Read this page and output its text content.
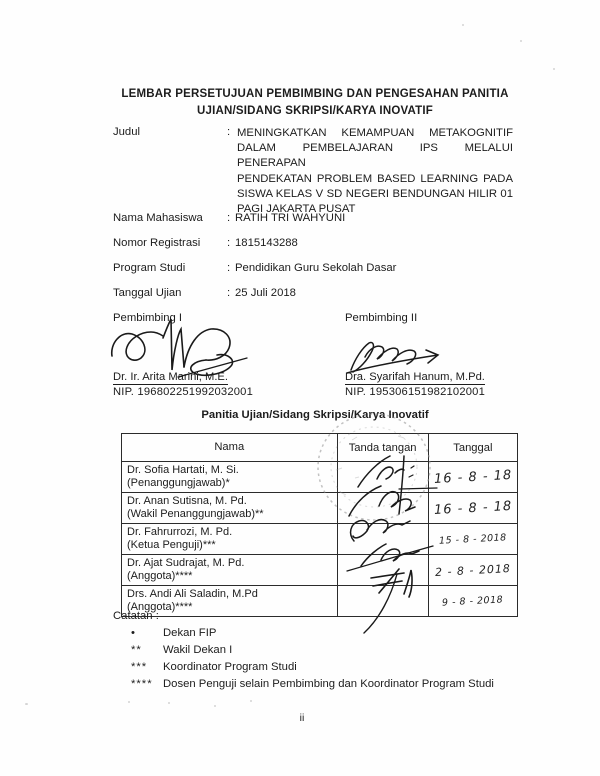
LEMBAR PERSETUJUAN PEMBIMBING DAN PENGESAHAN PANITIA
UJIAN/SIDANG SKRIPSI/KARYA INOVATIF
Judul	: MENINGKATKAN KEMAMPUAN METAKOGNITIF
DALAM PEMBELAJARAN IPS MELALUI PENERAPAN
PENDEKATAN PROBLEM BASED LEARNING PADA
SISWA KELAS V SD NEGERI BENDUNGAN HILIR 01
PAGI JAKARTA PUSAT
Nama Mahasiswa : RATIH TRI WAHYUNI
Nomor Registrasi : 1815143288
Program Studi	: Pendidikan Guru Sekolah Dasar
Tanggal Ujian	: 25 Juli 2018
Pembimbing I	Pembimbing II
Dr. Ir. Arita Marini, M.E.	Dra. Syarifah Hanum, M.Pd.
NIP. 196802251992032001	NIP. 195306151982102001
Panitia Ujian/Sidang Skripsi/Karya Inovatif
Nama	Tanda tangan	Tanggal

Dr. Sofia Hartati, M. Si.
(Penanggungjawab)*		16 - 8 - 18

Dr. Anan Sutisna, M. Pd.
(Wakil Penanggungjawab)**		16 - 8 - 18

Dr. Fahrurrozi, M. Pd.
(Ketua Penguji)***		15 - 8 - 2018

Dr. Ajat Sudrajat, M. Pd.
(Anggota)****		2 - 8 - 2018

Drs. Andi Ali Saladin, M.Pd
(Anggota)****		9 - 8 - 2018
Catatan :
• Dekan FIP
** Wakil Dekan I
*** Koordinator Program Studi
**** Dosen Penguji selain Pembimbing dan Koordinator Program Studi
ii
